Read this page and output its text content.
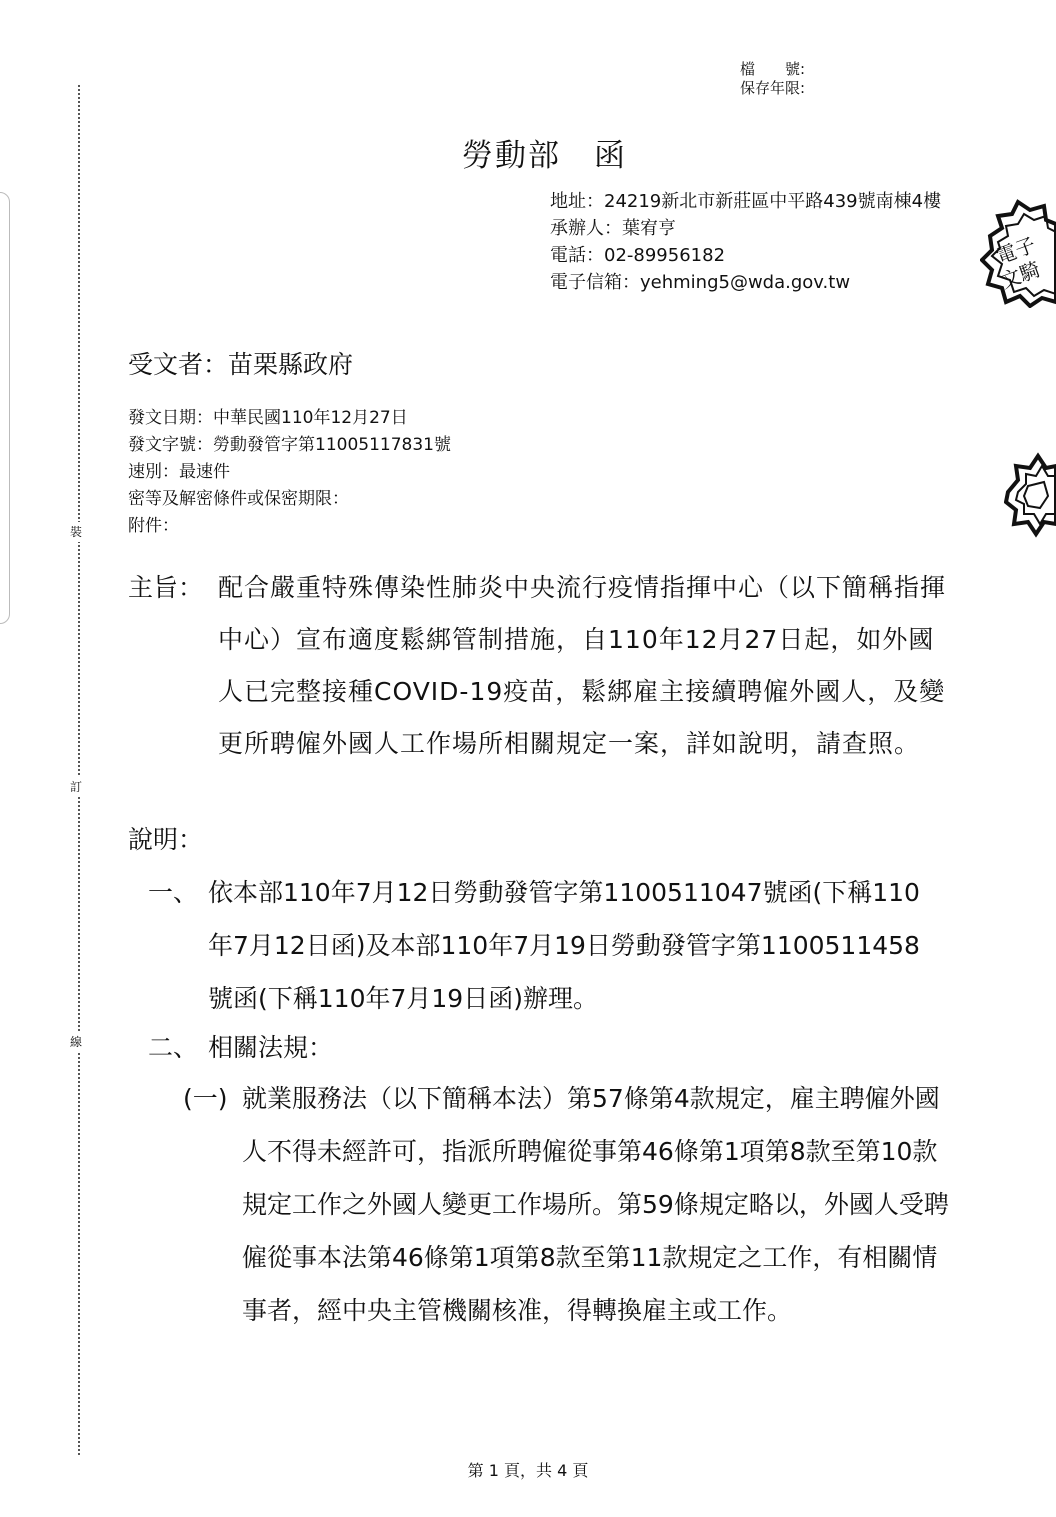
裝
訂
線
檔　　號:
保存年限:
勞動部　函
地址：24219新北市新莊區中平路439號南棟4樓
承辦人：葉宥亨
電話：02-89956182
電子信箱：yehming5@wda.gov.tw
電子
文騎
受文者：苗栗縣政府
發文日期：中華民國110年12月27日
發文字號：勞動發管字第11005117831號
速別：最速件
密等及解密條件或保密期限：
附件：
主旨： 配合嚴重特殊傳染性肺炎中央流行疫情指揮中心（以下簡稱指揮中心）宣布適度鬆綁管制措施，自110年12月27日起，如外國人已完整接種COVID-19疫苗，鬆綁雇主接續聘僱外國人，及變更所聘僱外國人工作場所相關規定一案，詳如說明，請查照。
說明：
一、 依本部110年7月12日勞動發管字第1100511047號函(下稱110年7月12日函)及本部110年7月19日勞動發管字第1100511458號函(下稱110年7月19日函)辦理。
二、 相關法規：
(一) 就業服務法（以下簡稱本法）第57條第4款規定，雇主聘僱外國人不得未經許可，指派所聘僱從事第46條第1項第8款至第10款規定工作之外國人變更工作場所。第59條規定略以，外國人受聘僱從事本法第46條第1項第8款至第11款規定之工作，有相關情事者，經中央主管機關核准，得轉換雇主或工作。
第 1 頁，共 4 頁
